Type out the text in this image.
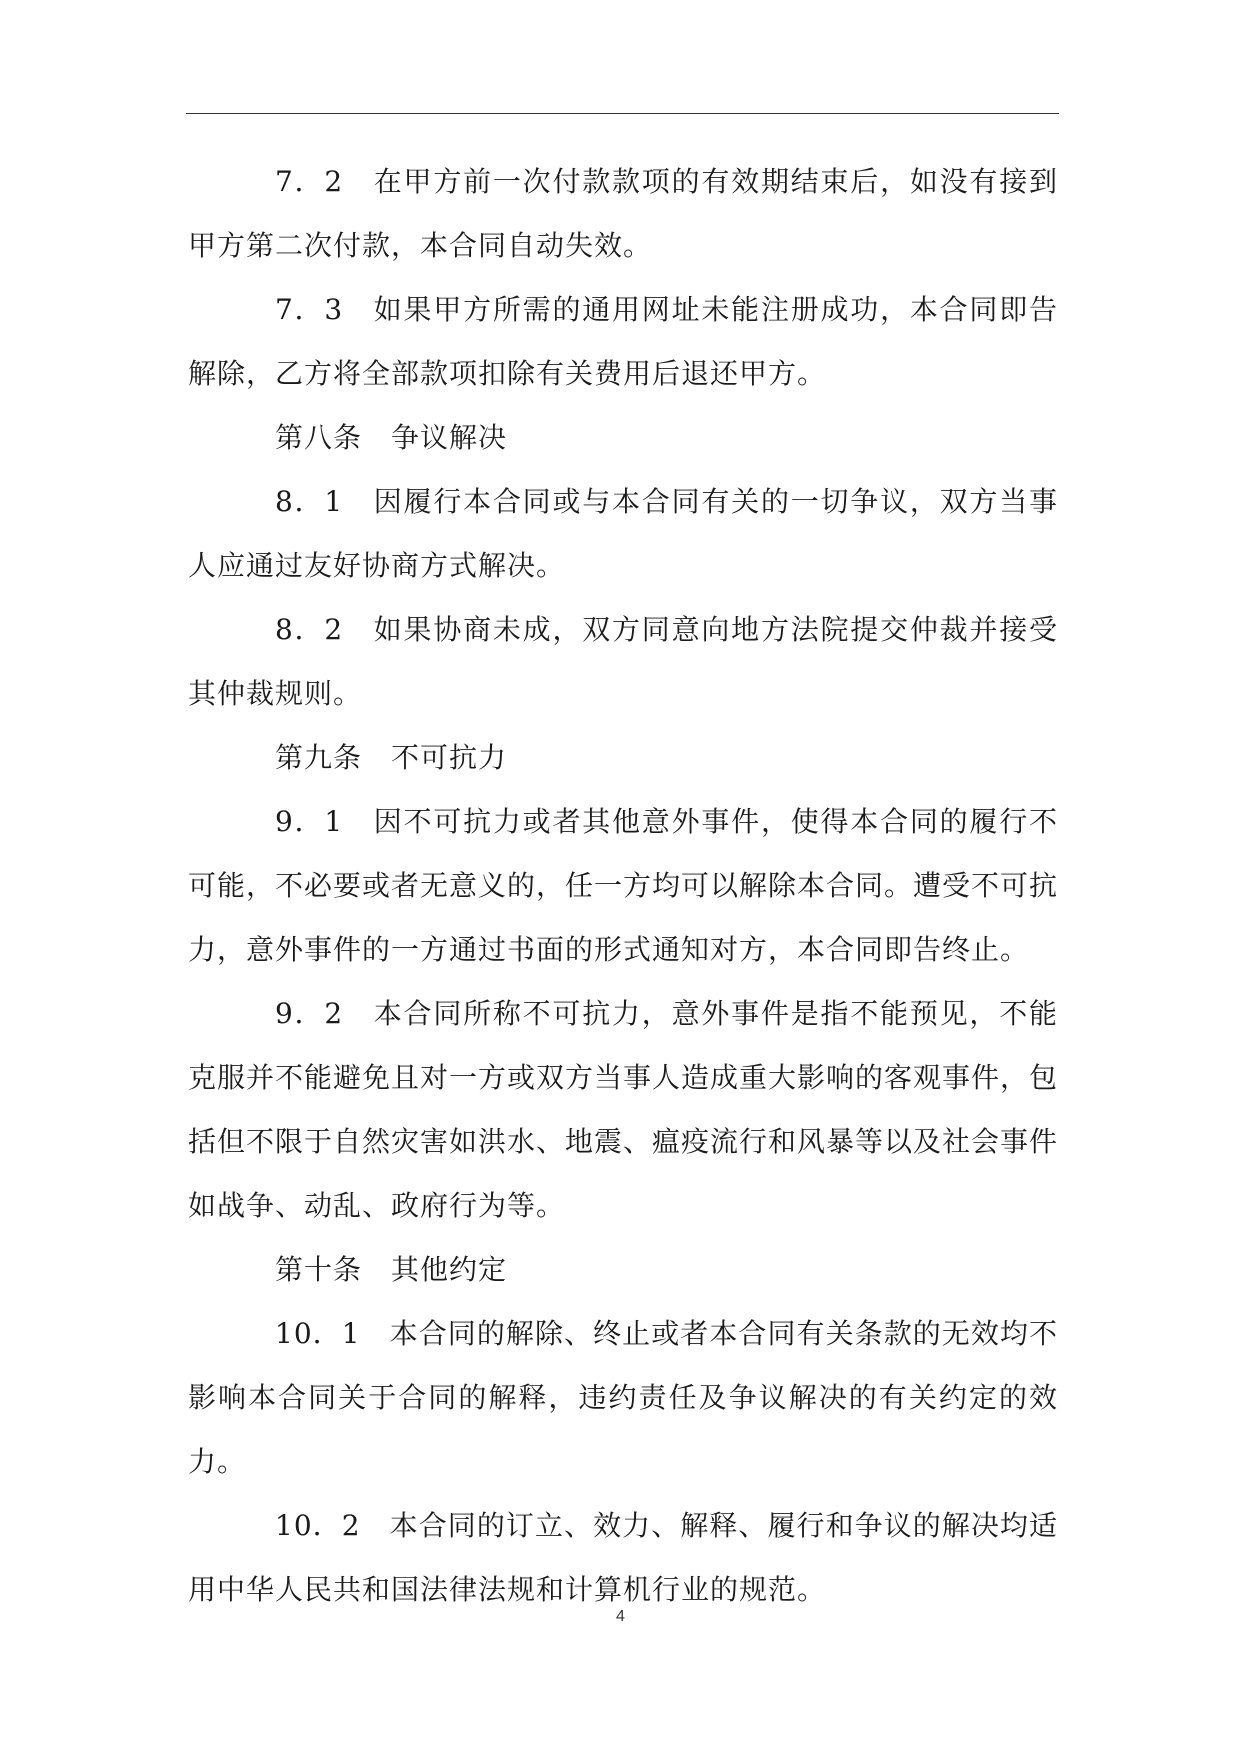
7．2　在甲方前一次付款款项的有效期结束后，如没有接到甲方第二次付款，本合同自动失效。

7．3　如果甲方所需的通用网址未能注册成功，本合同即告解除，乙方将全部款项扣除有关费用后退还甲方。

第八条　争议解决

8．1　因履行本合同或与本合同有关的一切争议，双方当事人应通过友好协商方式解决。

8．2　如果协商未成，双方同意向地方法院提交仲裁并接受其仲裁规则。

第九条　不可抗力

9．1　因不可抗力或者其他意外事件，使得本合同的履行不可能，不必要或者无意义的，任一方均可以解除本合同。遭受不可抗力，意外事件的一方通过书面的形式通知对方，本合同即告终止。

9．2　本合同所称不可抗力，意外事件是指不能预见，不能克服并不能避免且对一方或双方当事人造成重大影响的客观事件，包括但不限于自然灾害如洪水、地震、瘟疫流行和风暴等以及社会事件如战争、动乱、政府行为等。

第十条　其他约定

10．1　本合同的解除、终止或者本合同有关条款的无效均不影响本合同关于合同的解释，违约责任及争议解决的有关约定的效力。

10．2　本合同的订立、效力、解释、履行和争议的解决均适用中华人民共和国法律法规和计算机行业的规范。

4
